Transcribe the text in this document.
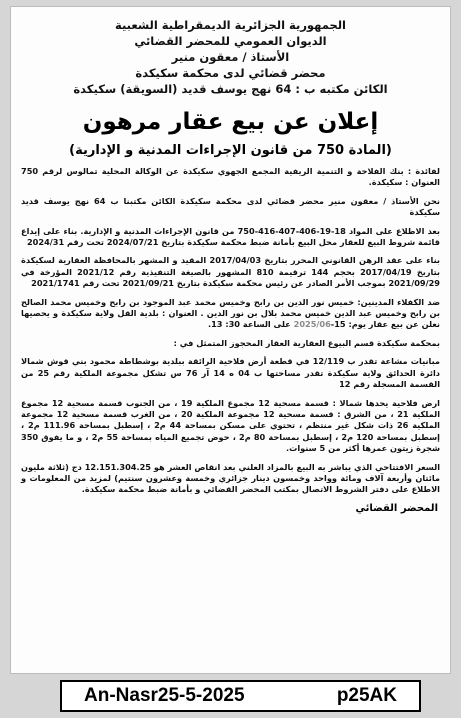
الجمهورية الجزائرية الديمقراطية الشعبية
الديوان العمومي للمحضر القضائي
الأستاذ / معقون منير
محضر قضائي لدى محكمة سكيكدة
الكائن مكتبه ب : 64 نهج يوسف قديد (السويقة) سكيكدة
إعلان عن بيع عقار مرهون
(المادة 750 من قانون الإجراءات المدنية و الإدارية)

لفائدة : بنك الفلاحة و التنمية الريفية المجمع الجهوي سكيكدة عن الوكالة المحلية تمالوس لرقم 750 العنوان : سكيكدة.

نحن الأستاذ / معقون منير محضر قضائي لدى محكمة سكيكدة الكائن مكتبنا ب 64 نهج يوسف قديد سكيكدة

بعد الاطلاع على المواد 18-19-406-407-416-750 من قانون الإجراءات المدنية و الإدارية. بناء على إيداع قائمة شروط البيع للعقار محل البيع بأمانة ضبط محكمة سكيكدة بتاريخ 2024/07/21 تحت رقم 2024/31

بناء على عقد الرهن القانوني المحرر بتاريخ 2017/04/03 المقيد و المشهر بالمحافظة العقارية لسكيكدة بتاريخ 2017/04/19 بحجم 144 ترقيمة 810 المشهور بالصيغة التنفيذية رقم 2021/12 المؤرخة في 2021/09/29 بموجب الأمر الصادر عن رئيس محكمة سكيكدة بتاريخ 2021/09/21 تحت رقم 2021/1741

ضد الكفلاء المدينين: خميس نور الدين بن رابح وخميس محمد عبد الموجود بن رابح وخميس محمد الصالح بن رابح وخميس عبد الدين خميس محمد بلال بن نور الدين . العنوان : بلدية القل ولاية سكيكدة و يحصيها نعلن عن بيع عقار يوم: 15-2025/06 على الساعة 30: 13.

بمحكمة سكيكدة قسم البيوع العقارية العقار المحجوز المتمثل في :

مبانيات مشاعة تقدر ب 12/119 في قطعة أرض فلاحية الرائقة ببلدية بوشطاطة محمود بني قوش شمالا دائرة الحدائق ولاية سكيكدة تقدر مساحتها ب 04 ه 14 آر 76 س تشكل مجموعة الملكية رقم 25 من القسمة المسجلة رقم 12

ارض فلاحية يحدها شمالا : قسمة مسحية 12 مجموع الملكية 19 ، من الجنوب قسمة مسحية 12 مجموع الملكية 21 ، من الشرق : قسمة مسحية 12 مجموعة الملكية 20 ، من الغرب قسمة مسحية 12 مجموعة الملكية 26 ذات شكل غير منتظم ، تحتوي على مسكن بمساحة 44 م2 ، إسطبل بمساحة 111.96 م2 ، إسطبل بمساحة 120 م2 ، إسطبل بمساحة 80 م2 ، حوض تجميع المياه بمساحة 55 م2 ، و ما يفوق 350 شجرة زيتون عمرها أكثر من 5 سنوات.

السعر الافتتاحي الذي يباشر به البيع بالمزاد العلني بعد انقاص العشر هو 12.151.304.25 دج (ثلاثة مليون مائتان وأربعة آلاف ومائة وواحد وخمسون دينار جزائري وخمسة وعشرون سنتيم) لمزيد من المعلومات و الاطلاع على دفتر الشروط الاتصال بمكتب المحضر القضائي و بأمانة ضبط محكمة سكيكدة.

المحضر القضائي
An-Nasr25-5-2025	p25AK
